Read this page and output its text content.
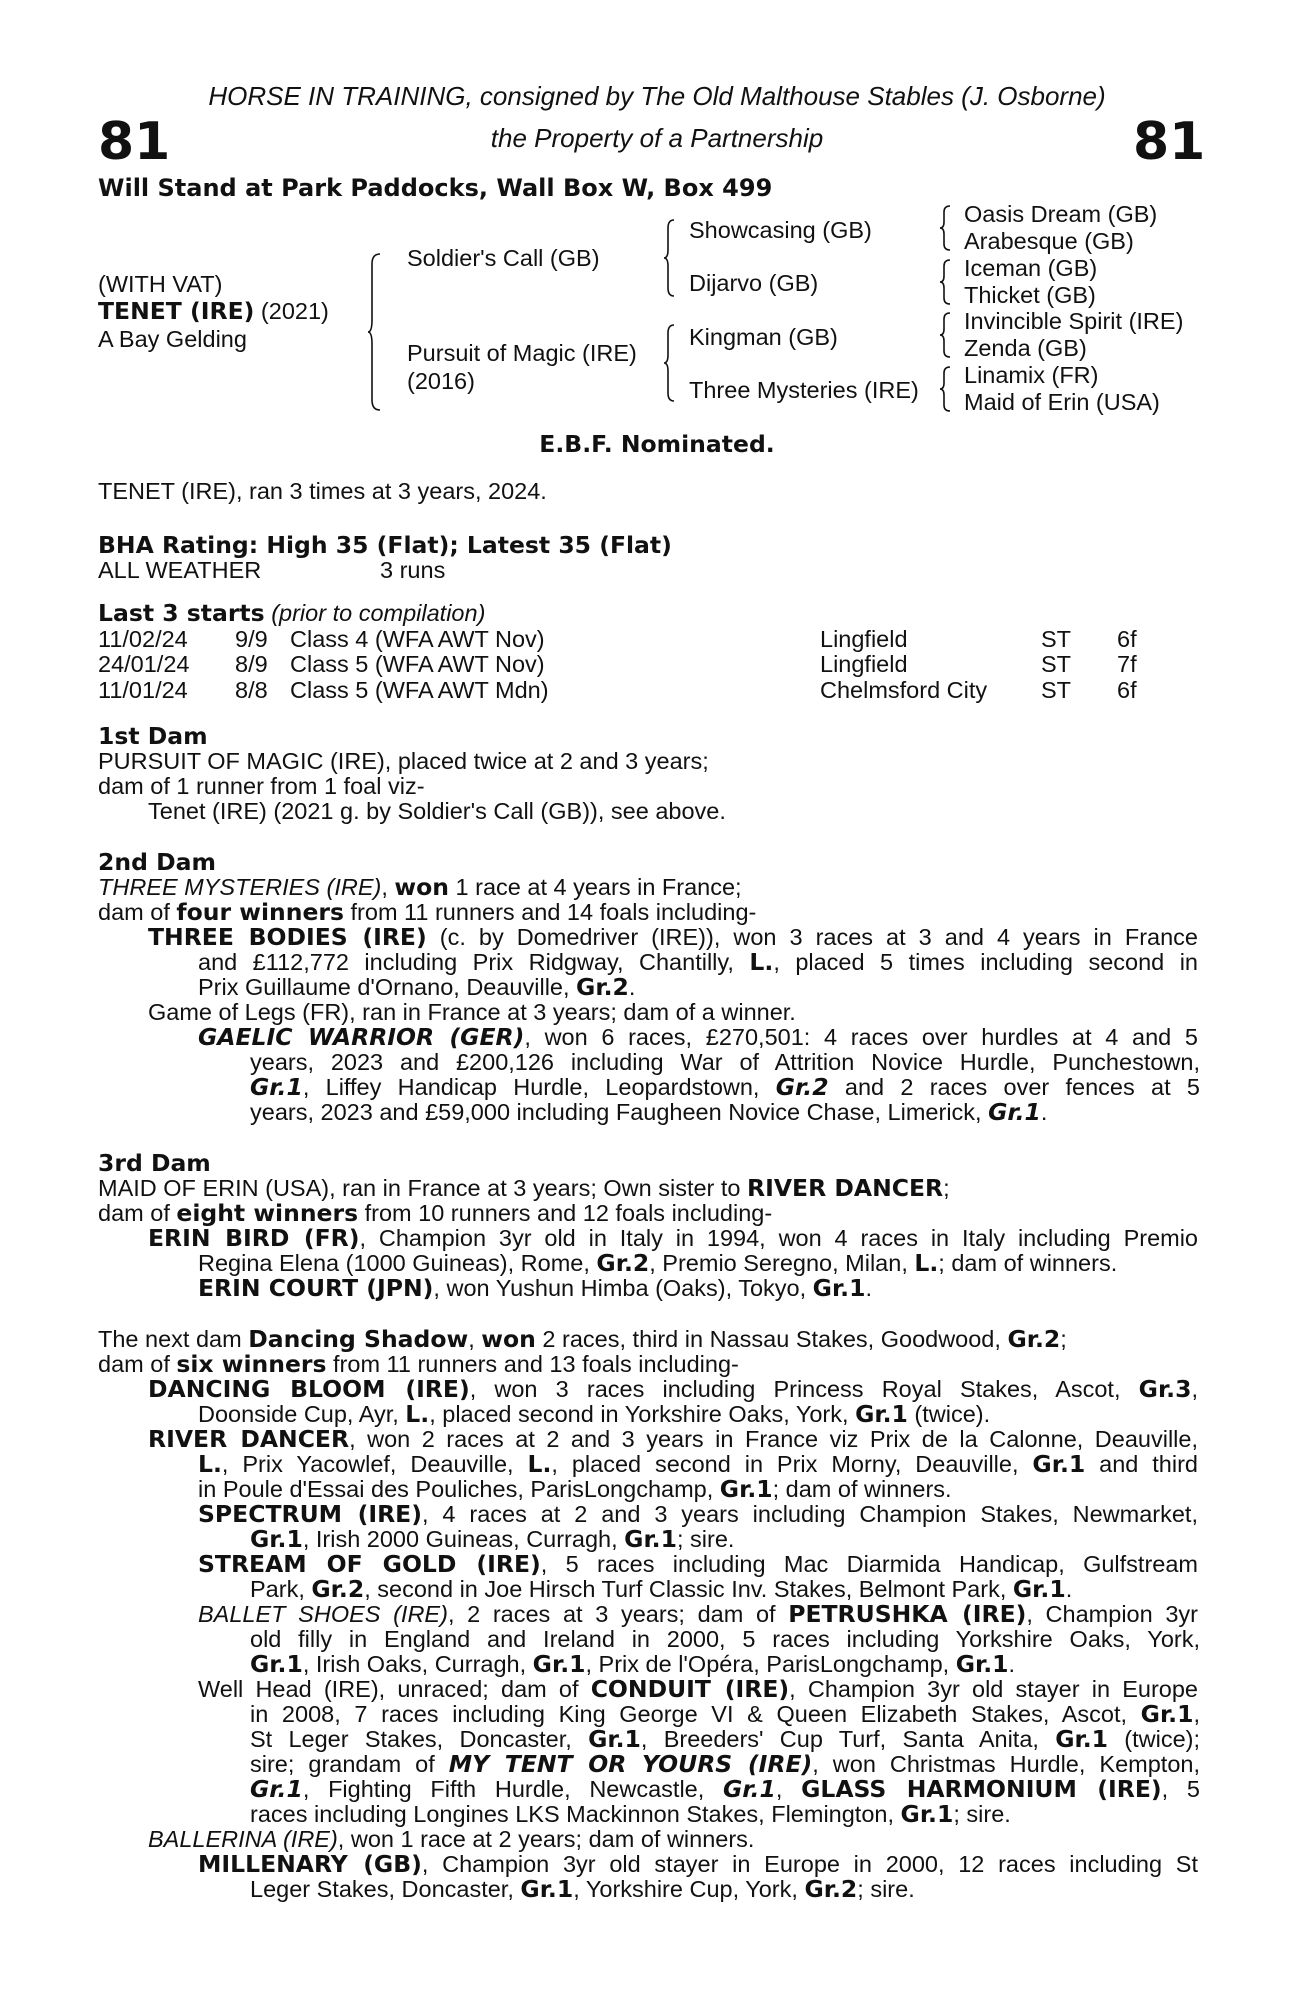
81	81
HORSE IN TRAINING, consigned by The Old Malthouse Stables (J. Osborne)
the Property of a Partnership
Will Stand at Park Paddocks, Wall Box W, Box 499
(WITH VAT)
TENET (IRE) (2021)
A Bay Gelding
Soldier's Call (GB)
Pursuit of Magic (IRE)
(2016)
Showcasing (GB)
Dijarvo (GB)
Kingman (GB)
Three Mysteries (IRE)
Oasis Dream (GB)
Arabesque (GB)
Iceman (GB)
Thicket (GB)
Invincible Spirit (IRE)
Zenda (GB)
Linamix (FR)
Maid of Erin (USA)
E.B.F. Nominated.
TENET (IRE), ran 3 times at 3 years, 2024.
BHA Rating: High 35 (Flat); Latest 35 (Flat)
ALL WEATHER	3 runs
Last 3 starts (prior to compilation)
11/02/24 9/9 Class 4 (WFA AWT Nov)	Lingfield	ST 6f
24/01/24 8/9 Class 5 (WFA AWT Nov)	Lingfield	ST 7f
11/01/24 8/8 Class 5 (WFA AWT Mdn)	Chelmsford City ST 6f
1st Dam
PURSUIT OF MAGIC (IRE), placed twice at 2 and 3 years;
dam of 1 runner from 1 foal viz-
Tenet (IRE) (2021 g. by Soldier's Call (GB)), see above.
2nd Dam
THREE MYSTERIES (IRE), won 1 race at 4 years in France;
dam of four winners from 11 runners and 14 foals including-
THREE BODIES (IRE) (c. by Domedriver (IRE)), won 3 races at 3 and 4 years in France
and £112,772 including Prix Ridgway, Chantilly, L., placed 5 times including second in
Prix Guillaume d'Ornano, Deauville, Gr.2.
Game of Legs (FR), ran in France at 3 years; dam of a winner.
GAELIC WARRIOR (GER), won 6 races, £270,501: 4 races over hurdles at 4 and 5
years, 2023 and £200,126 including War of Attrition Novice Hurdle, Punchestown,
Gr.1, Liffey Handicap Hurdle, Leopardstown, Gr.2 and 2 races over fences at 5
years, 2023 and £59,000 including Faugheen Novice Chase, Limerick, Gr.1.
3rd Dam
MAID OF ERIN (USA), ran in France at 3 years; Own sister to RIVER DANCER;
dam of eight winners from 10 runners and 12 foals including-
ERIN BIRD (FR), Champion 3yr old in Italy in 1994, won 4 races in Italy including Premio
Regina Elena (1000 Guineas), Rome, Gr.2, Premio Seregno, Milan, L.; dam of winners.
ERIN COURT (JPN), won Yushun Himba (Oaks), Tokyo, Gr.1.
The next dam Dancing Shadow, won 2 races, third in Nassau Stakes, Goodwood, Gr.2;
dam of six winners from 11 runners and 13 foals including-
DANCING BLOOM (IRE), won 3 races including Princess Royal Stakes, Ascot, Gr.3,
Doonside Cup, Ayr, L., placed second in Yorkshire Oaks, York, Gr.1 (twice).
RIVER DANCER, won 2 races at 2 and 3 years in France viz Prix de la Calonne, Deauville,
L., Prix Yacowlef, Deauville, L., placed second in Prix Morny, Deauville, Gr.1 and third
in Poule d'Essai des Pouliches, ParisLongchamp, Gr.1; dam of winners.
SPECTRUM (IRE), 4 races at 2 and 3 years including Champion Stakes, Newmarket,
Gr.1, Irish 2000 Guineas, Curragh, Gr.1; sire.
STREAM OF GOLD (IRE), 5 races including Mac Diarmida Handicap, Gulfstream
Park, Gr.2, second in Joe Hirsch Turf Classic Inv. Stakes, Belmont Park, Gr.1.
BALLET SHOES (IRE), 2 races at 3 years; dam of PETRUSHKA (IRE), Champion 3yr
old filly in England and Ireland in 2000, 5 races including Yorkshire Oaks, York,
Gr.1, Irish Oaks, Curragh, Gr.1, Prix de l'Opéra, ParisLongchamp, Gr.1.
Well Head (IRE), unraced; dam of CONDUIT (IRE), Champion 3yr old stayer in Europe
in 2008, 7 races including King George VI & Queen Elizabeth Stakes, Ascot, Gr.1,
St Leger Stakes, Doncaster, Gr.1, Breeders' Cup Turf, Santa Anita, Gr.1 (twice);
sire; grandam of MY TENT OR YOURS (IRE), won Christmas Hurdle, Kempton,
Gr.1, Fighting Fifth Hurdle, Newcastle, Gr.1, GLASS HARMONIUM (IRE), 5
races including Longines LKS Mackinnon Stakes, Flemington, Gr.1; sire.
BALLERINA (IRE), won 1 race at 2 years; dam of winners.
MILLENARY (GB), Champion 3yr old stayer in Europe in 2000, 12 races including St
Leger Stakes, Doncaster, Gr.1, Yorkshire Cup, York, Gr.2; sire.
